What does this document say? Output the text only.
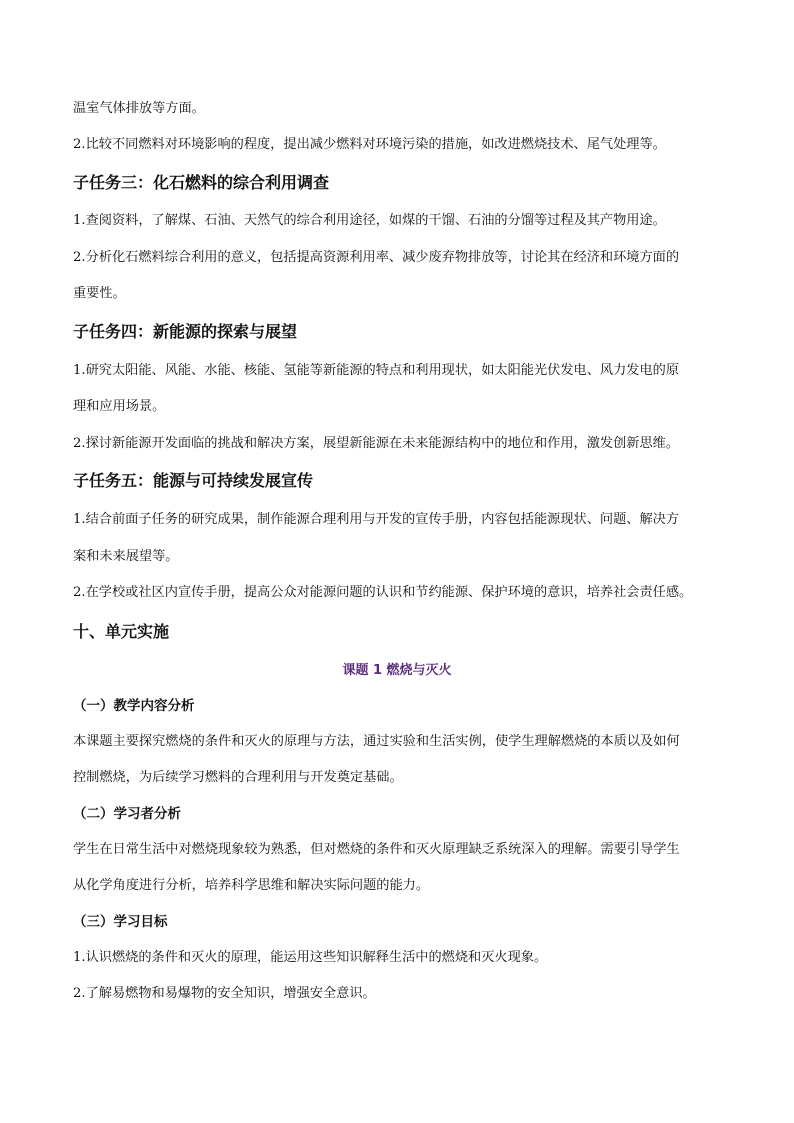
温室气体排放等方面。
2.比较不同燃料对环境影响的程度，提出减少燃料对环境污染的措施，如改进燃烧技术、尾气处理等。
子任务三：化石燃料的综合利用调查
1.查阅资料，了解煤、石油、天然气的综合利用途径，如煤的干馏、石油的分馏等过程及其产物用途。
2.分析化石燃料综合利用的意义，包括提高资源利用率、减少废弃物排放等，讨论其在经济和环境方面的
重要性。
子任务四：新能源的探索与展望
1.研究太阳能、风能、水能、核能、氢能等新能源的特点和利用现状，如太阳能光伏发电、风力发电的原
理和应用场景。
2.探讨新能源开发面临的挑战和解决方案，展望新能源在未来能源结构中的地位和作用，激发创新思维。
子任务五：能源与可持续发展宣传
1.结合前面子任务的研究成果，制作能源合理利用与开发的宣传手册，内容包括能源现状、问题、解决方
案和未来展望等。
2.在学校或社区内宣传手册，提高公众对能源问题的认识和节约能源、保护环境的意识，培养社会责任感。
十、单元实施
课题 1 燃烧与灭火
（一）教学内容分析
本课题主要探究燃烧的条件和灭火的原理与方法，通过实验和生活实例，使学生理解燃烧的本质以及如何
控制燃烧，为后续学习燃料的合理利用与开发奠定基础。
（二）学习者分析
学生在日常生活中对燃烧现象较为熟悉，但对燃烧的条件和灭火原理缺乏系统深入的理解。需要引导学生
从化学角度进行分析，培养科学思维和解决实际问题的能力。
（三）学习目标
1.认识燃烧的条件和灭火的原理，能运用这些知识解释生活中的燃烧和灭火现象。
2.了解易燃物和易爆物的安全知识，增强安全意识。
